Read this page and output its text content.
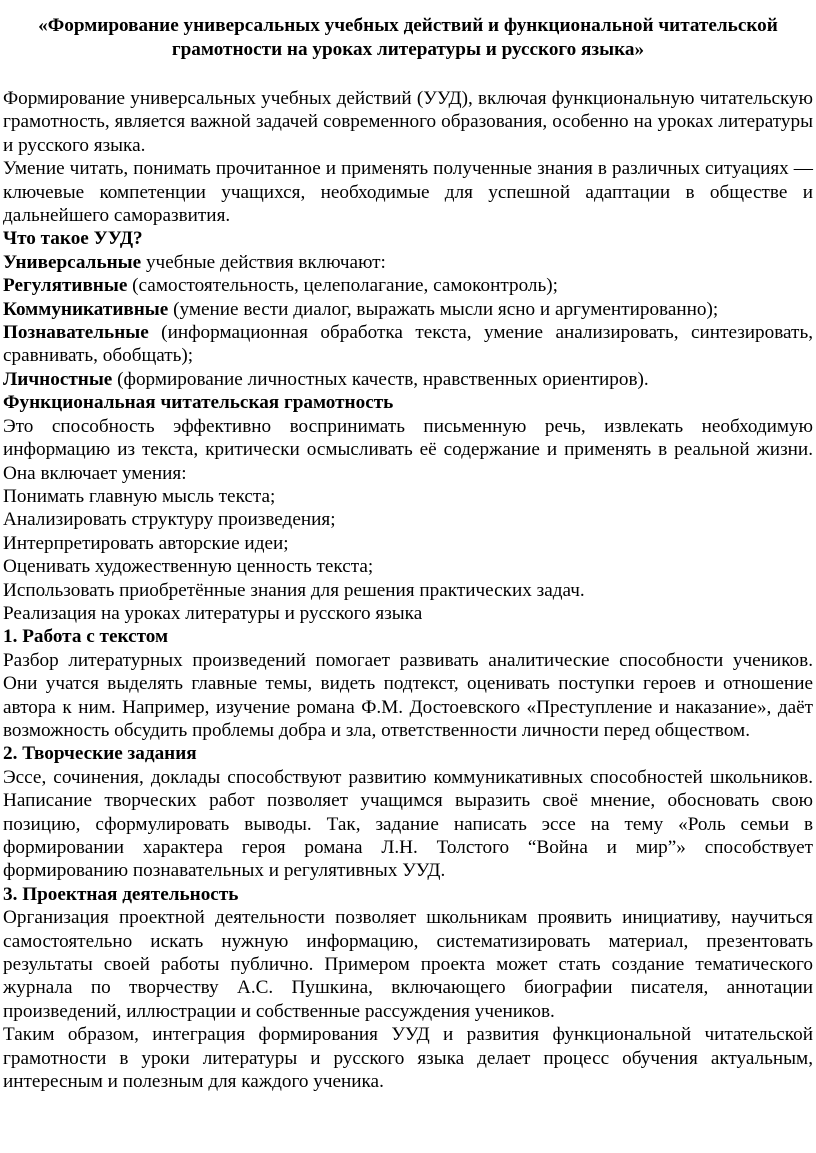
«Формирование универсальных учебных действий и функциональной читательской
грамотности на уроках литературы и русского языка»

Формирование универсальных учебных действий (УУД), включая функциональную читательскую грамотность, является важной задачей современного образования, особенно на уроках литературы и русского языка.

Умение читать, понимать прочитанное и применять полученные знания в различных ситуациях — ключевые компетенции учащихся, необходимые для успешной адаптации в обществе и дальнейшего саморазвития.

Что такое УУД?

Универсальные учебные действия включают:

Регулятивные (самостоятельность, целеполагание, самоконтроль);

Коммуникативные (умение вести диалог, выражать мысли ясно и аргументированно);

Познавательные (информационная обработка текста, умение анализировать, синтезировать, сравнивать, обобщать);

Личностные (формирование личностных качеств, нравственных ориентиров).

Функциональная читательская грамотность

Это способность эффективно воспринимать письменную речь, извлекать необходимую информацию из текста, критически осмысливать её содержание и применять в реальной жизни. Она включает умения:

Понимать главную мысль текста;

Анализировать структуру произведения;

Интерпретировать авторские идеи;

Оценивать художественную ценность текста;

Использовать приобретённые знания для решения практических задач.

Реализация на уроках литературы и русского языка

1. Работа с текстом

Разбор литературных произведений помогает развивать аналитические способности учеников. Они учатся выделять главные темы, видеть подтекст, оценивать поступки героев и отношение автора к ним. Например, изучение романа Ф.М. Достоевского «Преступление и наказание», даёт возможность обсудить проблемы добра и зла, ответственности личности перед обществом.

2. Творческие задания

Эссе, сочинения, доклады способствуют развитию коммуникативных способностей школьников. Написание творческих работ позволяет учащимся выразить своё мнение, обосновать свою позицию, сформулировать выводы. Так, задание написать эссе на тему «Роль семьи в формировании характера героя романа Л.Н. Толстого “Война и мир”» способствует формированию познавательных и регулятивных УУД.

3. Проектная деятельность

Организация проектной деятельности позволяет школьникам проявить инициативу, научиться самостоятельно искать нужную информацию, систематизировать материал, презентовать результаты своей работы публично. Примером проекта может стать создание тематического журнала по творчеству А.С. Пушкина, включающего биографии писателя, аннотации произведений, иллюстрации и собственные рассуждения учеников.

Таким образом, интеграция формирования УУД и развития функциональной читательской грамотности в уроки литературы и русского языка делает процесс обучения актуальным, интересным и полезным для каждого ученика.
